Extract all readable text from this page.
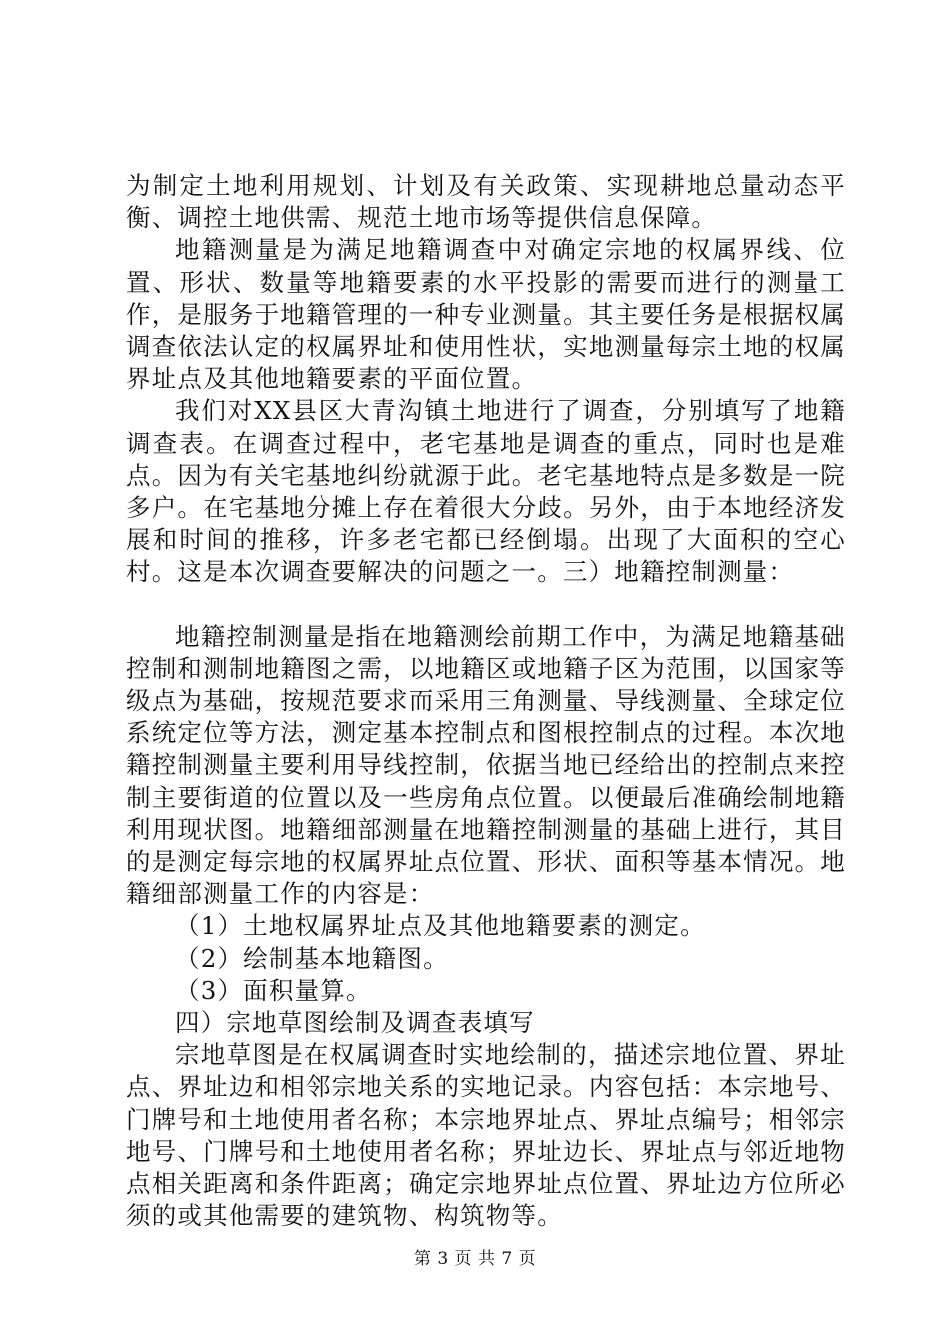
为制定土地利用规划、计划及有关政策、实现耕地总量动态平衡、调控土地供需、规范土地市场等提供信息保障。

地籍测量是为满足地籍调查中对确定宗地的权属界线、位置、形状、数量等地籍要素的水平投影的需要而进行的测量工作，是服务于地籍管理的一种专业测量。其主要任务是根据权属调查依法认定的权属界址和使用性状，实地测量每宗土地的权属界址点及其他地籍要素的平面位置。

我们对XX县区大青沟镇土地进行了调查，分别填写了地籍调查表。在调查过程中，老宅基地是调查的重点，同时也是难点。因为有关宅基地纠纷就源于此。老宅基地特点是多数是一院多户。在宅基地分摊上存在着很大分歧。另外，由于本地经济发展和时间的推移，许多老宅都已经倒塌。出现了大面积的空心村。这是本次调查要解决的问题之一。三）地籍控制测量：

地籍控制测量是指在地籍测绘前期工作中，为满足地籍基础控制和测制地籍图之需，以地籍区或地籍子区为范围，以国家等级点为基础，按规范要求而采用三角测量、导线测量、全球定位系统定位等方法，测定基本控制点和图根控制点的过程。本次地籍控制测量主要利用导线控制，依据当地已经给出的控制点来控制主要街道的位置以及一些房角点位置。以便最后准确绘制地籍利用现状图。地籍细部测量在地籍控制测量的基础上进行，其目的是测定每宗地的权属界址点位置、形状、面积等基本情况。地籍细部测量工作的内容是：

（1）土地权属界址点及其他地籍要素的测定。

（2）绘制基本地籍图。

（3）面积量算。

四）宗地草图绘制及调查表填写

宗地草图是在权属调查时实地绘制的，描述宗地位置、界址点、界址边和相邻宗地关系的实地记录。内容包括：本宗地号、门牌号和土地使用者名称；本宗地界址点、界址点编号；相邻宗地号、门牌号和土地使用者名称；界址边长、界址点与邻近地物点相关距离和条件距离；确定宗地界址点位置、界址边方位所必须的或其他需要的建筑物、构筑物等。

第 3 页 共 7 页
